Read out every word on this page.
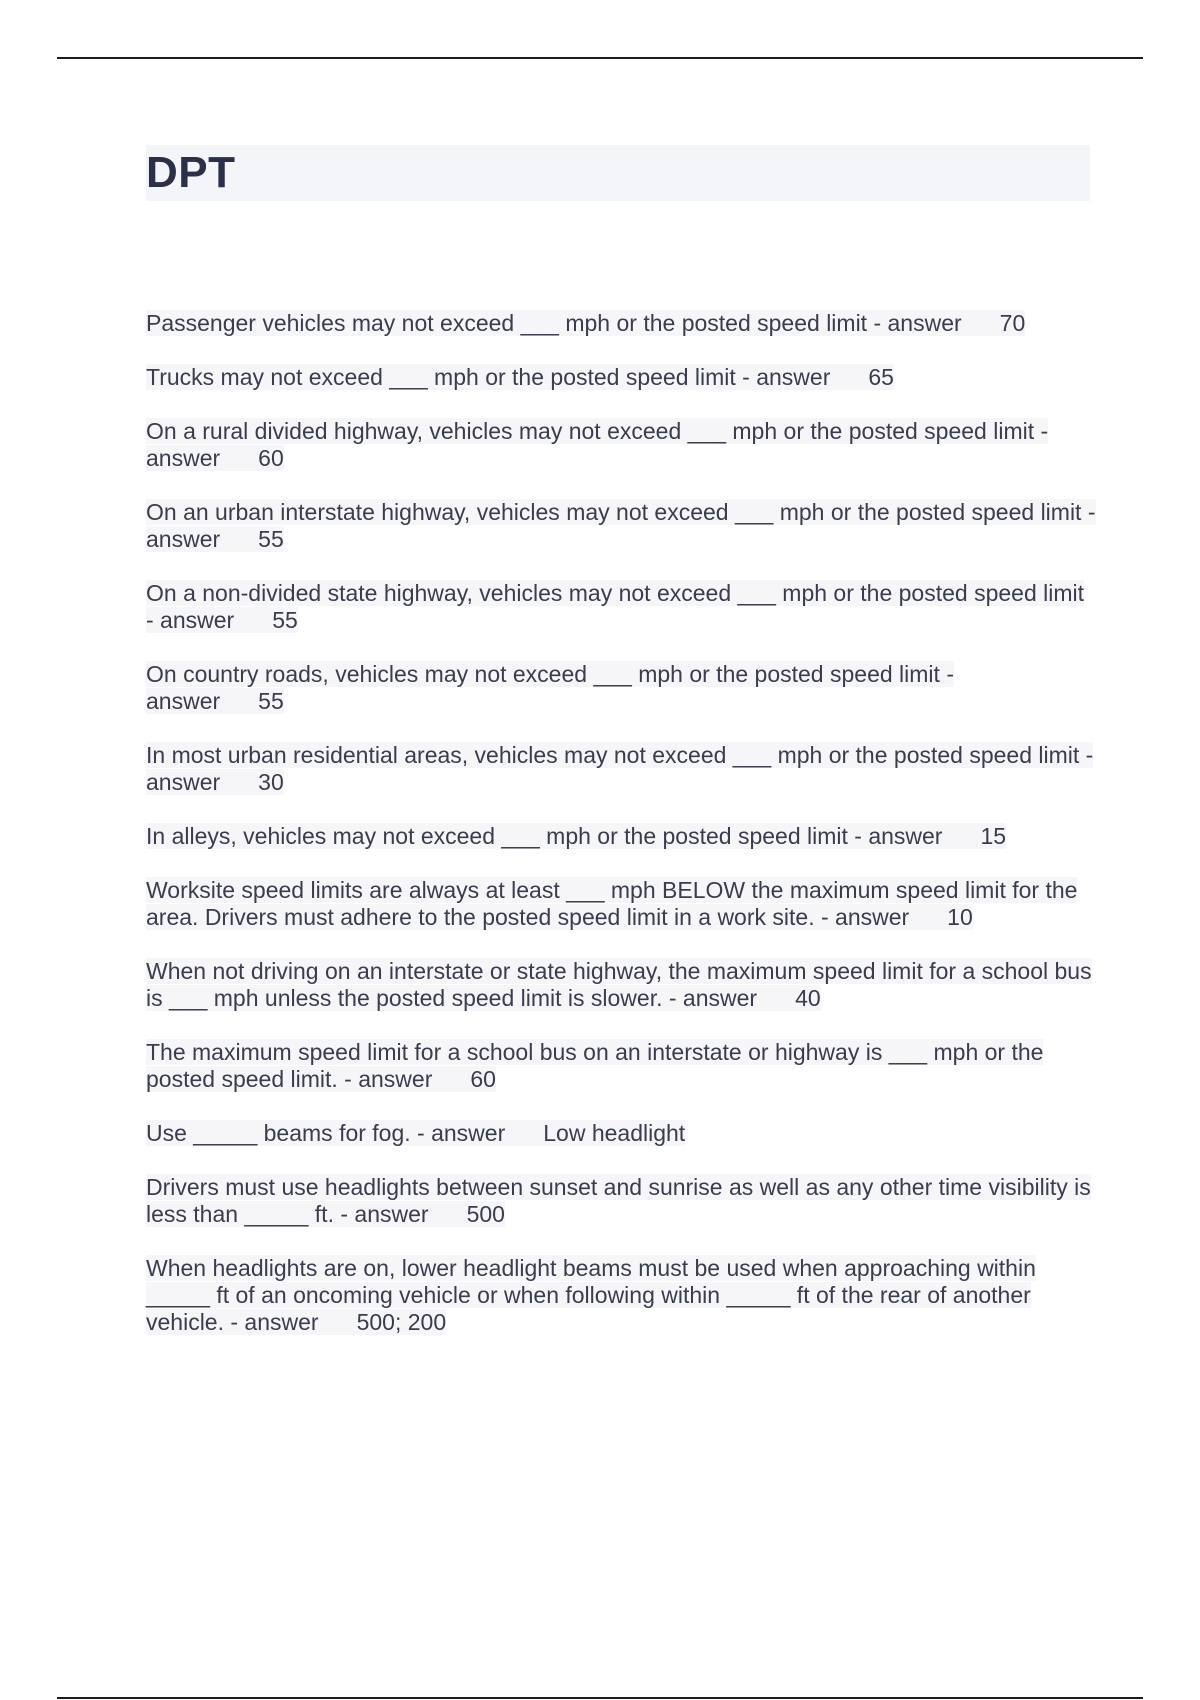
DPT
Passenger vehicles may not exceed ___ mph or the posted speed limit - answer 70
Trucks may not exceed ___ mph or the posted speed limit - answer 65
On a rural divided highway, vehicles may not exceed ___ mph or the posted speed limit - answer 60
On an urban interstate highway, vehicles may not exceed ___ mph or the posted speed limit - answer 55
On a non-divided state highway, vehicles may not exceed ___ mph or the posted speed limit - answer 55
On country roads, vehicles may not exceed ___ mph or the posted speed limit - answer 55
In most urban residential areas, vehicles may not exceed ___ mph or the posted speed limit - answer 30
In alleys, vehicles may not exceed ___ mph or the posted speed limit - answer 15
Worksite speed limits are always at least ___ mph BELOW the maximum speed limit for the area. Drivers must adhere to the posted speed limit in a work site. - answer 10
When not driving on an interstate or state highway, the maximum speed limit for a school bus is ___ mph unless the posted speed limit is slower. - answer 40
The maximum speed limit for a school bus on an interstate or highway is ___ mph or the posted speed limit. - answer 60
Use _____ beams for fog. - answer Low headlight
Drivers must use headlights between sunset and sunrise as well as any other time visibility is less than _____ ft. - answer 500
When headlights are on, lower headlight beams must be used when approaching within _____ ft of an oncoming vehicle or when following within _____ ft of the rear of another vehicle. - answer 500; 200
